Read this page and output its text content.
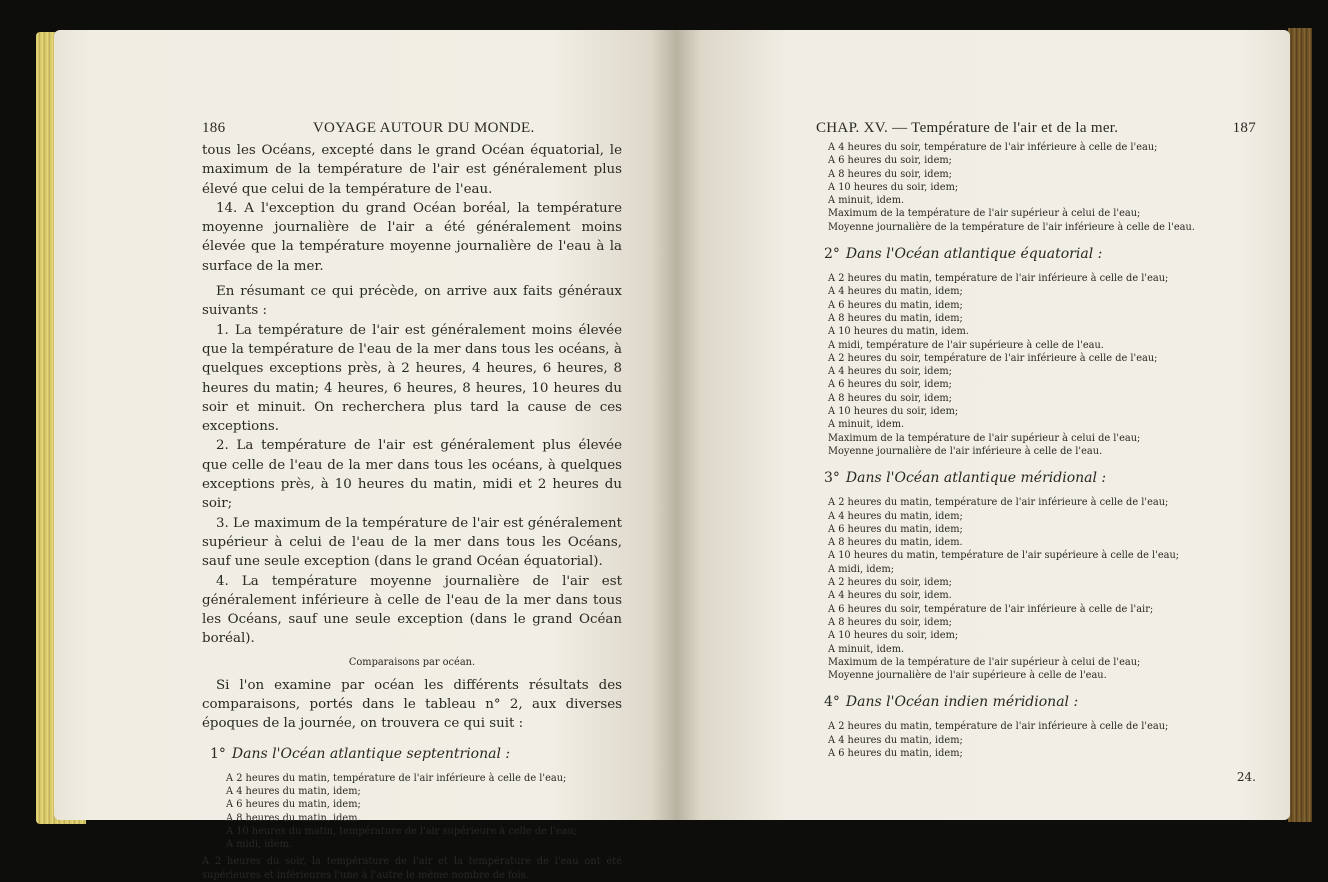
186	VOYAGE AUTOUR DU MONDE.

tous les Océans, excepté dans le grand Océan équatorial, le maximum de la température de l'air est généralement plus élevé que celui de la température de l'eau.

14. A l'exception du grand Océan boréal, la température moyenne journalière de l'air a été généralement moins élevée que la température moyenne journalière de l'eau à la surface de la mer.

En résumant ce qui précède, on arrive aux faits généraux suivants :

1. La température de l'air est généralement moins élevée que la température de l'eau de la mer dans tous les océans, à quelques exceptions près, à 2 heures, 4 heures, 6 heures, 8 heures du matin; 4 heures, 6 heures, 8 heures, 10 heures du soir et minuit. On recherchera plus tard la cause de ces exceptions.

2. La température de l'air est généralement plus élevée que celle de l'eau de la mer dans tous les océans, à quelques exceptions près, à 10 heures du matin, midi et 2 heures du soir;

3. Le maximum de la température de l'air est généralement supérieur à celui de l'eau de la mer dans tous les Océans, sauf une seule exception (dans le grand Océan équatorial).

4. La température moyenne journalière de l'air est généralement inférieure à celle de l'eau de la mer dans tous les Océans, sauf une seule exception (dans le grand Océan boréal).

Comparaisons par océan.

Si l'on examine par océan les différents résultats des comparaisons, portés dans le tableau n° 2, aux diverses époques de la journée, on trouvera ce qui suit :

1° Dans l'Océan atlantique septentrional :

A 2 heures du matin, température de l'air inférieure à celle de l'eau;

A 4 heures du matin, idem;

A 6 heures du matin, idem;

A 8 heures du matin, idem.

A 10 heures du matin, température de l'air supérieure à celle de l'eau;

A midi, idem.

A 2 heures du soir, la température de l'air et la température de l'eau ont été supérieures et inférieures l'une à l'autre le même nombre de fois.

CHAP. XV. — Température de l'air et de la mer.	187

A 4 heures du soir, température de l'air inférieure à celle de l'eau;

A 6 heures du soir, idem;

A 8 heures du soir, idem;

A 10 heures du soir, idem;

A minuit, idem.

Maximum de la température de l'air supérieur à celui de l'eau;

Moyenne journalière de la température de l'air inférieure à celle de l'eau.

2° Dans l'Océan atlantique équatorial :

A 2 heures du matin, température de l'air inférieure à celle de l'eau;

A 4 heures du matin, idem;

A 6 heures du matin, idem;

A 8 heures du matin, idem;

A 10 heures du matin, idem.

A midi, température de l'air supérieure à celle de l'eau.

A 2 heures du soir, température de l'air inférieure à celle de l'eau;

A 4 heures du soir, idem;

A 6 heures du soir, idem;

A 8 heures du soir, idem;

A 10 heures du soir, idem;

A minuit, idem.

Maximum de la température de l'air supérieur à celui de l'eau;

Moyenne journalière de l'air inférieure à celle de l'eau.

3° Dans l'Océan atlantique méridional :

A 2 heures du matin, température de l'air inférieure à celle de l'eau;

A 4 heures du matin, idem;

A 6 heures du matin, idem;

A 8 heures du matin, idem.

A 10 heures du matin, température de l'air supérieure à celle de l'eau;

A midi, idem;

A 2 heures du soir, idem;

A 4 heures du soir, idem.

A 6 heures du soir, température de l'air inférieure à celle de l'air;

A 8 heures du soir, idem;

A 10 heures du soir, idem;

A minuit, idem.

Maximum de la température de l'air supérieur à celui de l'eau;

Moyenne journalière de l'air supérieure à celle de l'eau.

4° Dans l'Océan indien méridional :

A 2 heures du matin, température de l'air inférieure à celle de l'eau;

A 4 heures du matin, idem;

A 6 heures du matin, idem;

24.
